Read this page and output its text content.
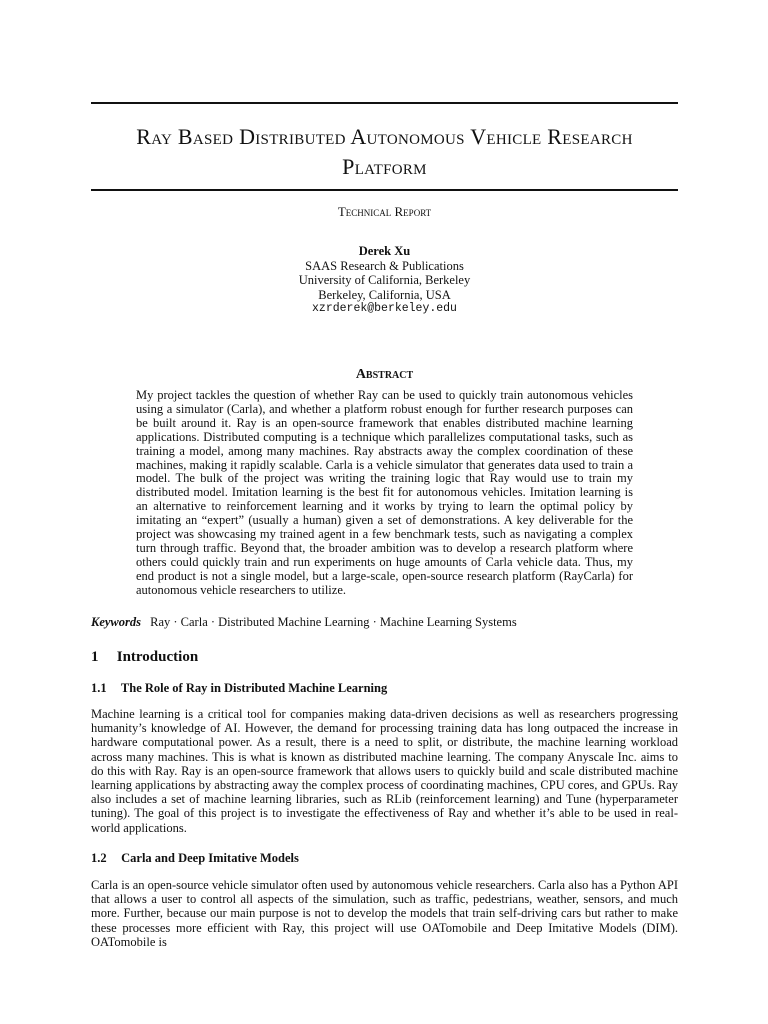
Ray Based Distributed Autonomous Vehicle Research
Platform
Technical Report
Derek Xu
SAAS Research & Publications
University of California, Berkeley
Berkeley, California, USA
xzrderek@berkeley.edu
Abstract
My project tackles the question of whether Ray can be used to quickly train autonomous vehicles using a simulator (Carla), and whether a platform robust enough for further research purposes can be built around it. Ray is an open-source framework that enables distributed machine learning applications. Distributed computing is a technique which parallelizes computational tasks, such as training a model, among many machines. Ray abstracts away the complex coordination of these machines, making it rapidly scalable. Carla is a vehicle simulator that generates data used to train a model. The bulk of the project was writing the training logic that Ray would use to train my distributed model. Imitation learning is the best fit for autonomous vehicles. Imitation learning is an alternative to reinforcement learning and it works by trying to learn the optimal policy by imitating an “expert” (usually a human) given a set of demonstrations. A key deliverable for the project was showcasing my trained agent in a few benchmark tests, such as navigating a complex turn through traffic. Beyond that, the broader ambition was to develop a research platform where others could quickly train and run experiments on huge amounts of Carla vehicle data. Thus, my end product is not a single model, but a large-scale, open-source research platform (RayCarla) for autonomous vehicle researchers to utilize.
Keywords Ray · Carla · Distributed Machine Learning · Machine Learning Systems
1 Introduction
1.1 The Role of Ray in Distributed Machine Learning
Machine learning is a critical tool for companies making data-driven decisions as well as researchers progressing humanity’s knowledge of AI. However, the demand for processing training data has long outpaced the increase in hardware computational power. As a result, there is a need to split, or distribute, the machine learning workload across many machines. This is what is known as distributed machine learning. The company Anyscale Inc. aims to do this with Ray. Ray is an open-source framework that allows users to quickly build and scale distributed machine learning applications by abstracting away the complex process of coordinating machines, CPU cores, and GPUs. Ray also includes a set of machine learning libraries, such as RLib (reinforcement learning) and Tune (hyperparameter tuning). The goal of this project is to investigate the effectiveness of Ray and whether it’s able to be used in real-world applications.
1.2 Carla and Deep Imitative Models
Carla is an open-source vehicle simulator often used by autonomous vehicle researchers. Carla also has a Python API that allows a user to control all aspects of the simulation, such as traffic, pedestrians, weather, sensors, and much more. Further, because our main purpose is not to develop the models that train self-driving cars but rather to make these processes more efficient with Ray, this project will use OATomobile and Deep Imitative Models (DIM). OATomobile is
